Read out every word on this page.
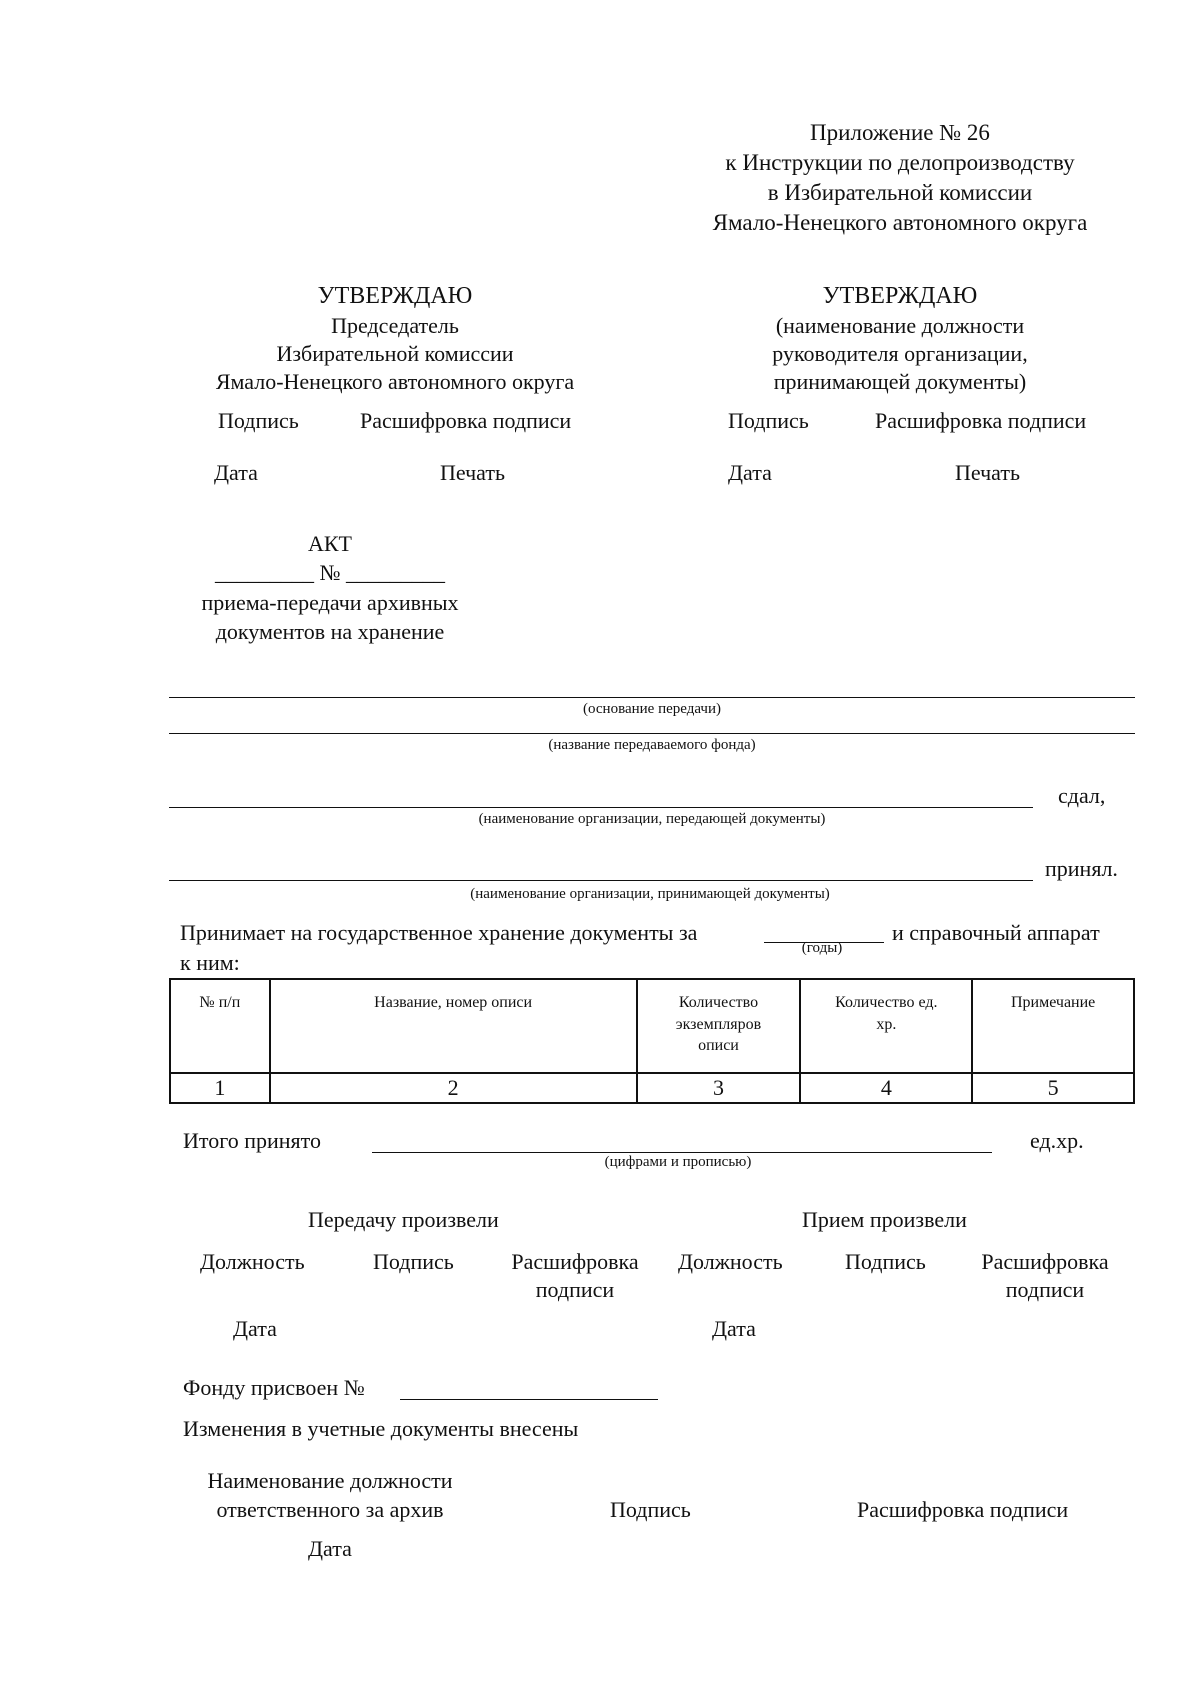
Приложение № 26
к Инструкции по делопроизводству
в Избирательной комиссии
Ямало-Ненецкого автономного округа
УТВЕРЖДАЮ
Председатель
Избирательной комиссии
Ямало-Ненецкого автономного округа
Подпись	Расшифровка подписи
Дата	Печать
УТВЕРЖДАЮ
(наименование должности
руководителя организации,
принимающей документы)
Подпись	Расшифровка подписи
Дата	Печать
АКТ
_________ № _________
приема-передачи архивных
документов на хранение
(основание передачи)
(название передаваемого фонда)
сдал,
(наименование организации, передающей документы)
принял.
(наименование организации, принимающей документы)
Принимает на государственное хранение документы за
(годы)
и справочный аппарат
к ним:
№ п/п	Название, номер описи	Количество экземпляров описи	Количество ед. хр.	Примечание
1	2	3	4	5
Итого принято
(цифрами и прописью)
ед.хр.
Передачу произвели	Прием произвели
Должность	Подпись	Расшифровка
подписи
Должность	Подпись	Расшифровка
подписи
Дата	Дата
Фонду присвоен №
Изменения в учетные документы внесены
Наименование должности
ответственного за архив	Подпись	Расшифровка подписи
Дата
